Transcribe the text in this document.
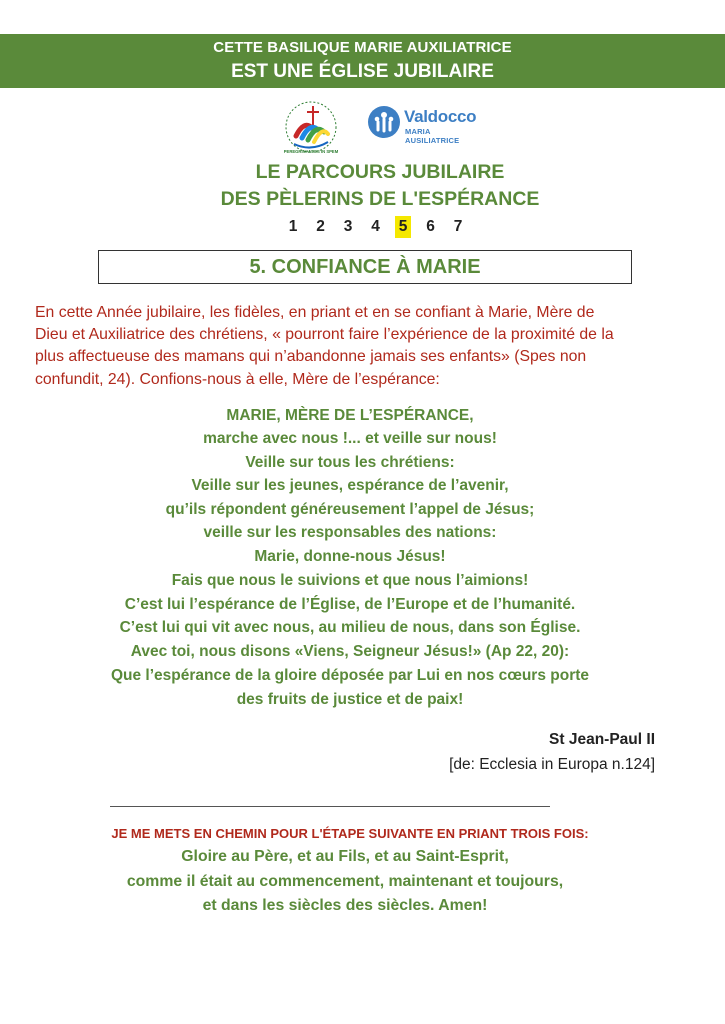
CETTE BASILIQUE MARIE AUXILIATRICE
EST UNE ÉGLISE JUBILAIRE
PEREGRINANTES IN SPEM
Valdocco
MARIA AUSILIATRICE
LE PARCOURS JUBILAIRE
DES PÈLERINS DE L'ESPÉRANCE
1 2 3 4 5 6 7
5. CONFIANCE À MARIE
En cette Année jubilaire, les fidèles, en priant et en se confiant à Marie, Mère de
Dieu et Auxiliatrice des chrétiens, « pourront faire l’expérience de la proximité de la
plus affectueuse des mamans qui n’abandonne jamais ses enfants» (Spes non
confundit, 24). Confions-nous à elle, Mère de l’espérance:
MARIE, MÈRE DE L’ESPÉRANCE,
marche avec nous !... et veille sur nous!
Veille sur tous les chrétiens:
Veille sur les jeunes, espérance de l’avenir,
qu’ils répondent généreusement l’appel de Jésus;
veille sur les responsables des nations:
Marie, donne-nous Jésus!
Fais que nous le suivions et que nous l’aimions!
C’est lui l’espérance de l’Église, de l’Europe et de l’humanité.
C’est lui qui vit avec nous, au milieu de nous, dans son Église.
Avec toi, nous disons «Viens, Seigneur Jésus!» (Ap 22, 20):
Que l’espérance de la gloire déposée par Lui en nos cœurs porte
des fruits de justice et de paix!
St Jean-Paul II
[de: Ecclesia in Europa n.124]
JE ME METS EN CHEMIN POUR L'ÉTAPE SUIVANTE EN PRIANT TROIS FOIS:
Gloire au Père, et au Fils, et au Saint-Esprit,
comme il était au commencement, maintenant et toujours,
et dans les siècles des siècles. Amen!
